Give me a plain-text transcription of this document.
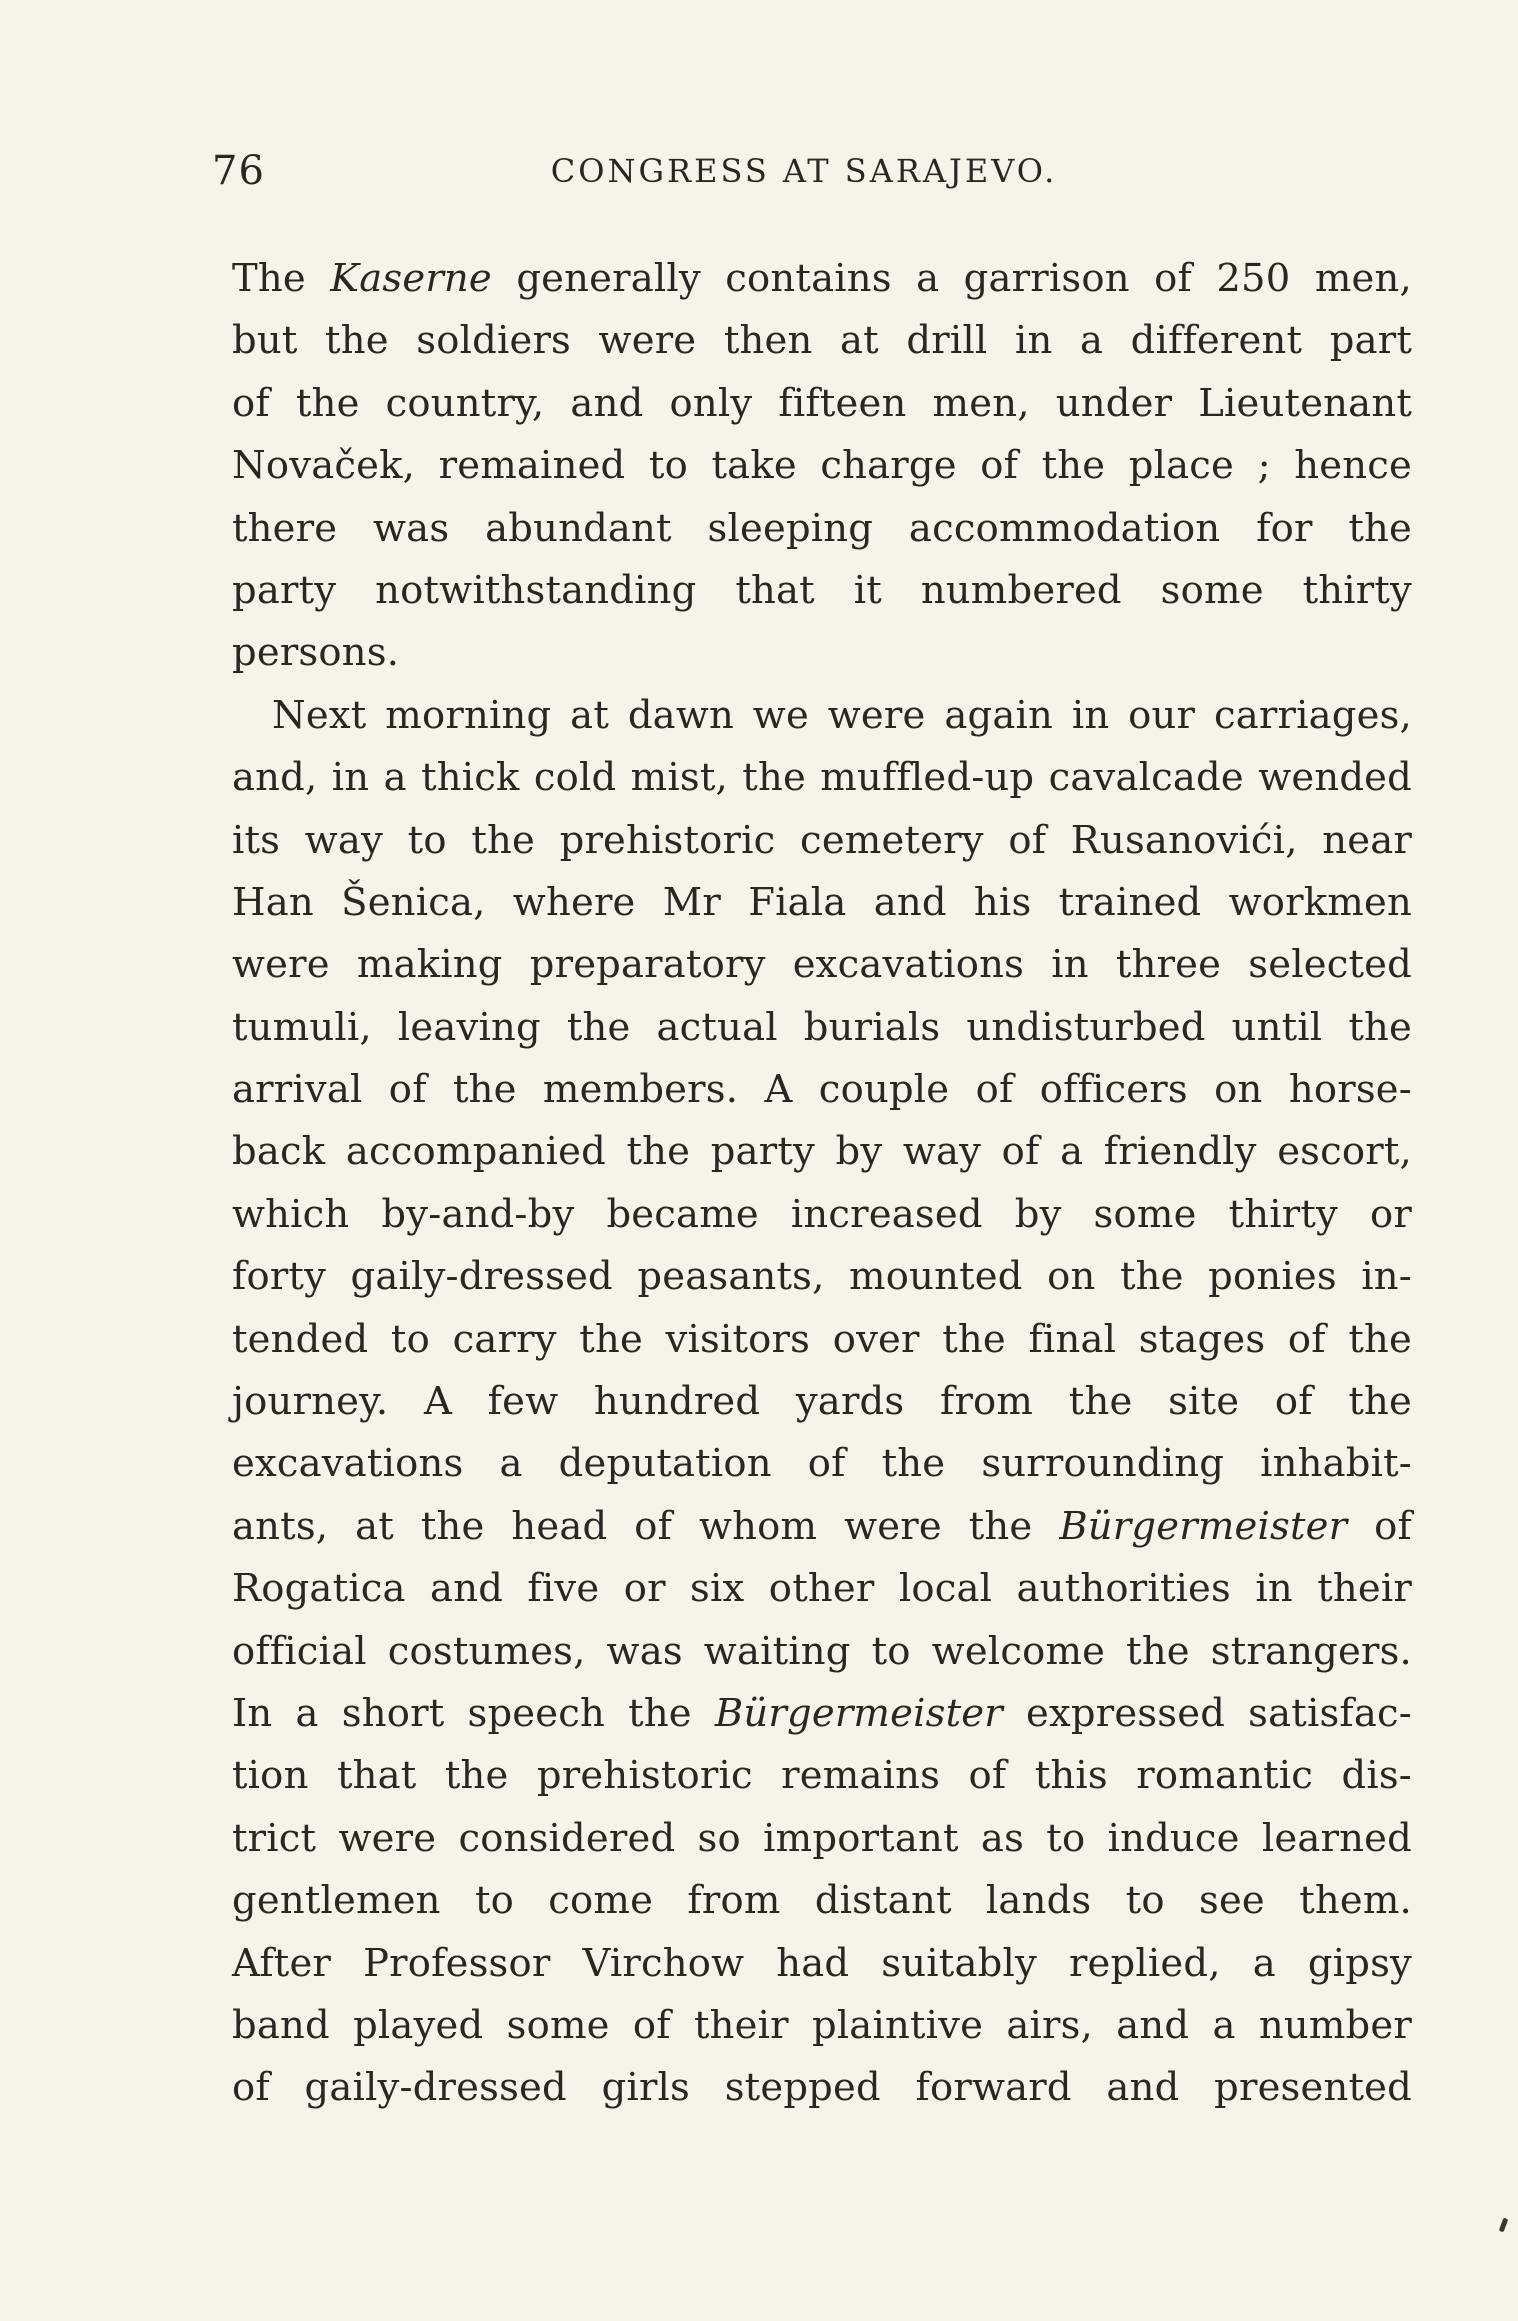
76	CONGRESS AT SARAJEVO.
The Kaserne generally contains a garrison of 250 men,
but the soldiers were then at drill in a different part
of the country, and only fifteen men, under Lieutenant
Novaček, remained to take charge of the place ; hence
there was abundant sleeping accommodation for the
party notwithstanding that it numbered some thirty
persons.
Next morning at dawn we were again in our carriages,
and, in a thick cold mist, the muffled-up cavalcade wended
its way to the prehistoric cemetery of Rusanovići, near
Han Šenica, where Mr Fiala and his trained workmen
were making preparatory excavations in three selected
tumuli, leaving the actual burials undisturbed until the
arrival of the members. A couple of officers on horse-
back accompanied the party by way of a friendly escort,
which by-and-by became increased by some thirty or
forty gaily-dressed peasants, mounted on the ponies in-
tended to carry the visitors over the final stages of the
journey. A few hundred yards from the site of the
excavations a deputation of the surrounding inhabit-
ants, at the head of whom were the Bürgermeister of
Rogatica and five or six other local authorities in their
official costumes, was waiting to welcome the strangers.
In a short speech the Bürgermeister expressed satisfac-
tion that the prehistoric remains of this romantic dis-
trict were considered so important as to induce learned
gentlemen to come from distant lands to see them.
After Professor Virchow had suitably replied, a gipsy
band played some of their plaintive airs, and a number
of gaily-dressed girls stepped forward and presented
